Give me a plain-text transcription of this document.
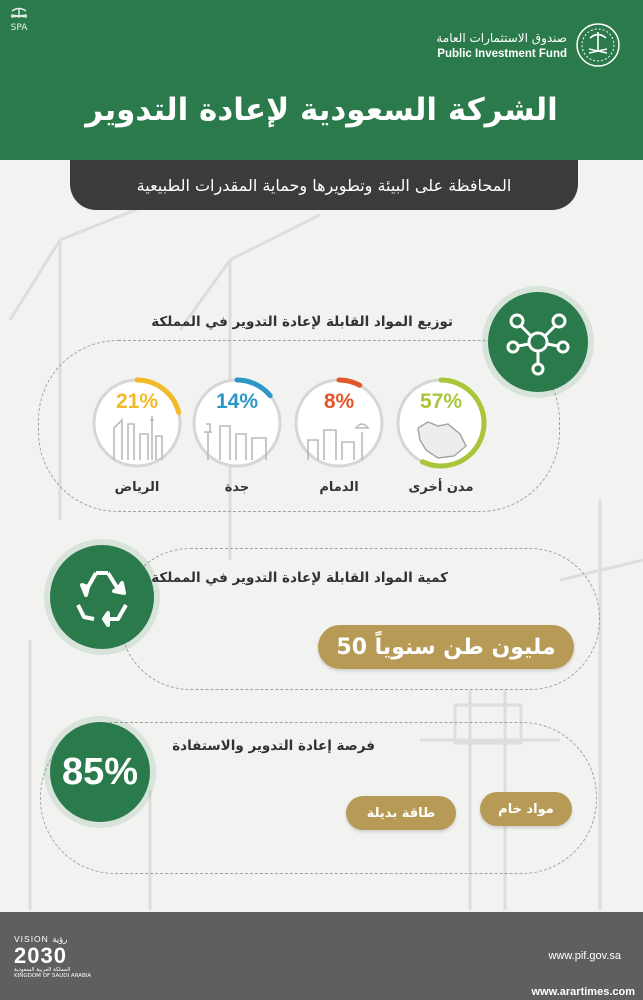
SPA
صندوق الاستثمارات العامة
Public Investment Fund
الشركة السعودية لإعادة التدوير
المحافظة على البيئة وتطويرها وحماية المقدرات الطبيعية
توزيع المواد القابلة لإعادة التدوير في المملكة
21%
الرياض
14%
جدة
8%
الدمام
57%
مدن أخرى
كمية المواد القابلة لإعادة التدوير في المملكة
50 مليون طن سنوياً
85%
فرصة إعادة التدوير والاستفادة
مواد خام
طاقة بديلة
VISION رؤية
2030
المملكة العربية السعودية
KINGDOM OF SAUDI ARABIA
www.pif.gov.sa
www.arartimes.com
